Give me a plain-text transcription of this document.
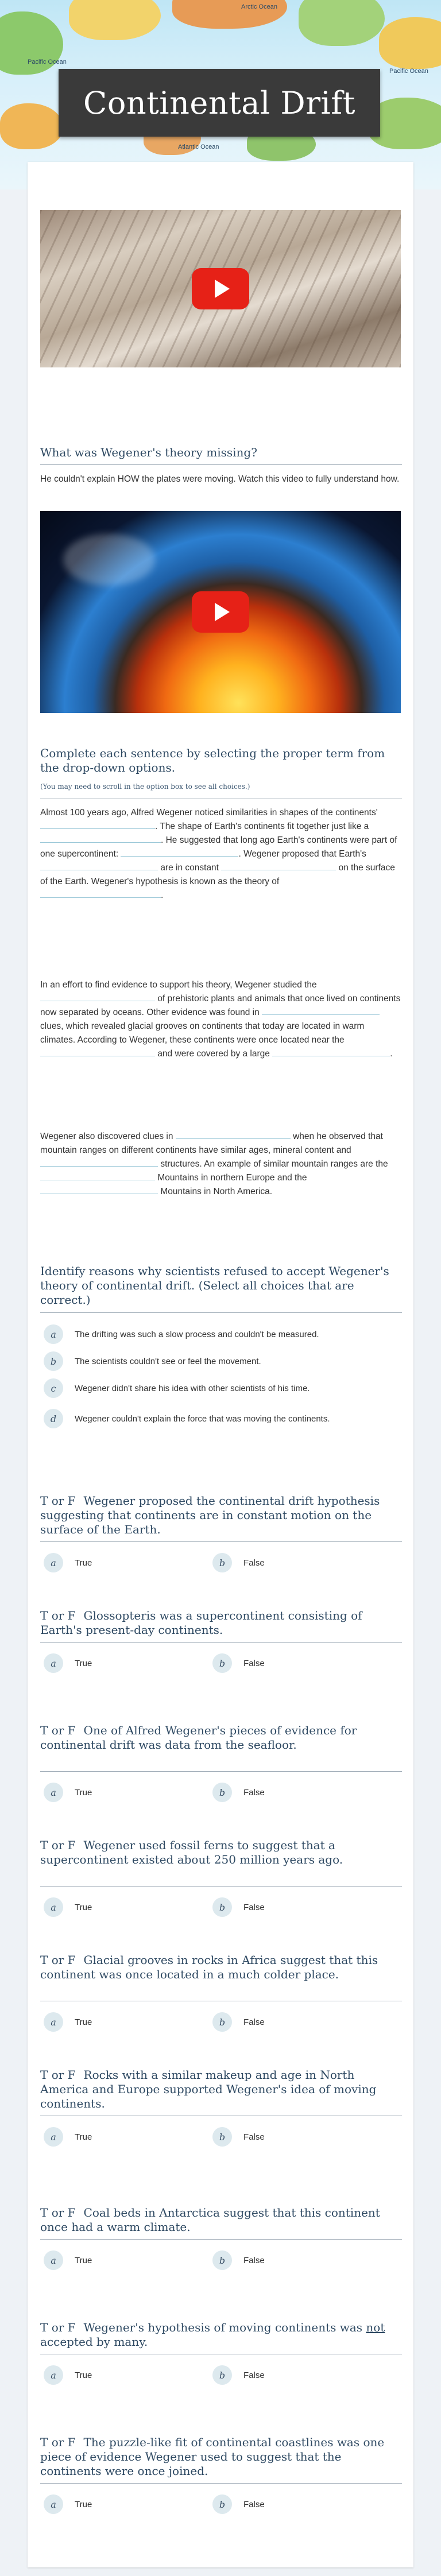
Arctic Ocean
Pacific Ocean
Pacific Ocean
Atlantic Ocean
Continental Drift
What was Wegener's theory missing?
He couldn't explain HOW the plates were moving. Watch this video to fully understand how.
Complete each sentence by selecting the proper term from the drop-down options.
(You may need to scroll in the option box to see all choices.)
Almost 100 years ago, Alfred Wegener noticed similarities in shapes of the continents' . The shape of Earth's continents fit together just like a . He suggested that long ago Earth's continents were part of one supercontinent:	. Wegener proposed that Earth's  are in constant	on the surface of the Earth. Wegener's hypothesis is known as the theory of .
In an effort to find evidence to support his theory, Wegener studied the  of prehistoric plants and animals that once lived on continents now separated by oceans. Other evidence was found in  clues, which revealed glacial grooves on continents that today are located in warm climates. According to Wegener, these continents were once located near the  and were covered by a large	.
Wegener also discovered clues in	when he observed that mountain ranges on different continents have similar ages, mineral content and  structures. An example of similar mountain ranges are the  Mountains in northern Europe and the  Mountains in North America.
Identify reasons why scientists refused to accept Wegener's theory of continental drift. (Select all choices that are correct.)
a	The drifting was such a slow process and couldn't be measured.
b	The scientists couldn't see or feel the movement.
c	Wegener didn't share his idea with other scientists of his time.
d	Wegener couldn't explain the force that was moving the continents.
T or F Wegener proposed the continental drift hypothesis suggesting that continents are in constant motion on the surface of the Earth.
a	True	b	False
T or F Glossopteris was a supercontinent consisting of Earth's present-day continents.
a	True	b	False
T or F One of Alfred Wegener's pieces of evidence for continental drift was data from the seafloor.
a	True	b	False
T or F Wegener used fossil ferns to suggest that a supercontinent existed about 250 million years ago.
a	True	b	False
T or F Glacial grooves in rocks in Africa suggest that this continent was once located in a much colder place.
a	True	b	False
T or F Rocks with a similar makeup and age in North America and Europe supported Wegener's idea of moving continents.
a	True	b	False
T or F Coal beds in Antarctica suggest that this continent once had a warm climate.
a	True	b	False
T or F Wegener's hypothesis of moving continents was not accepted by many.
a	True	b	False
T or F The puzzle-like fit of continental coastlines was one piece of evidence Wegener used to suggest that the continents were once joined.
a	True	b	False
